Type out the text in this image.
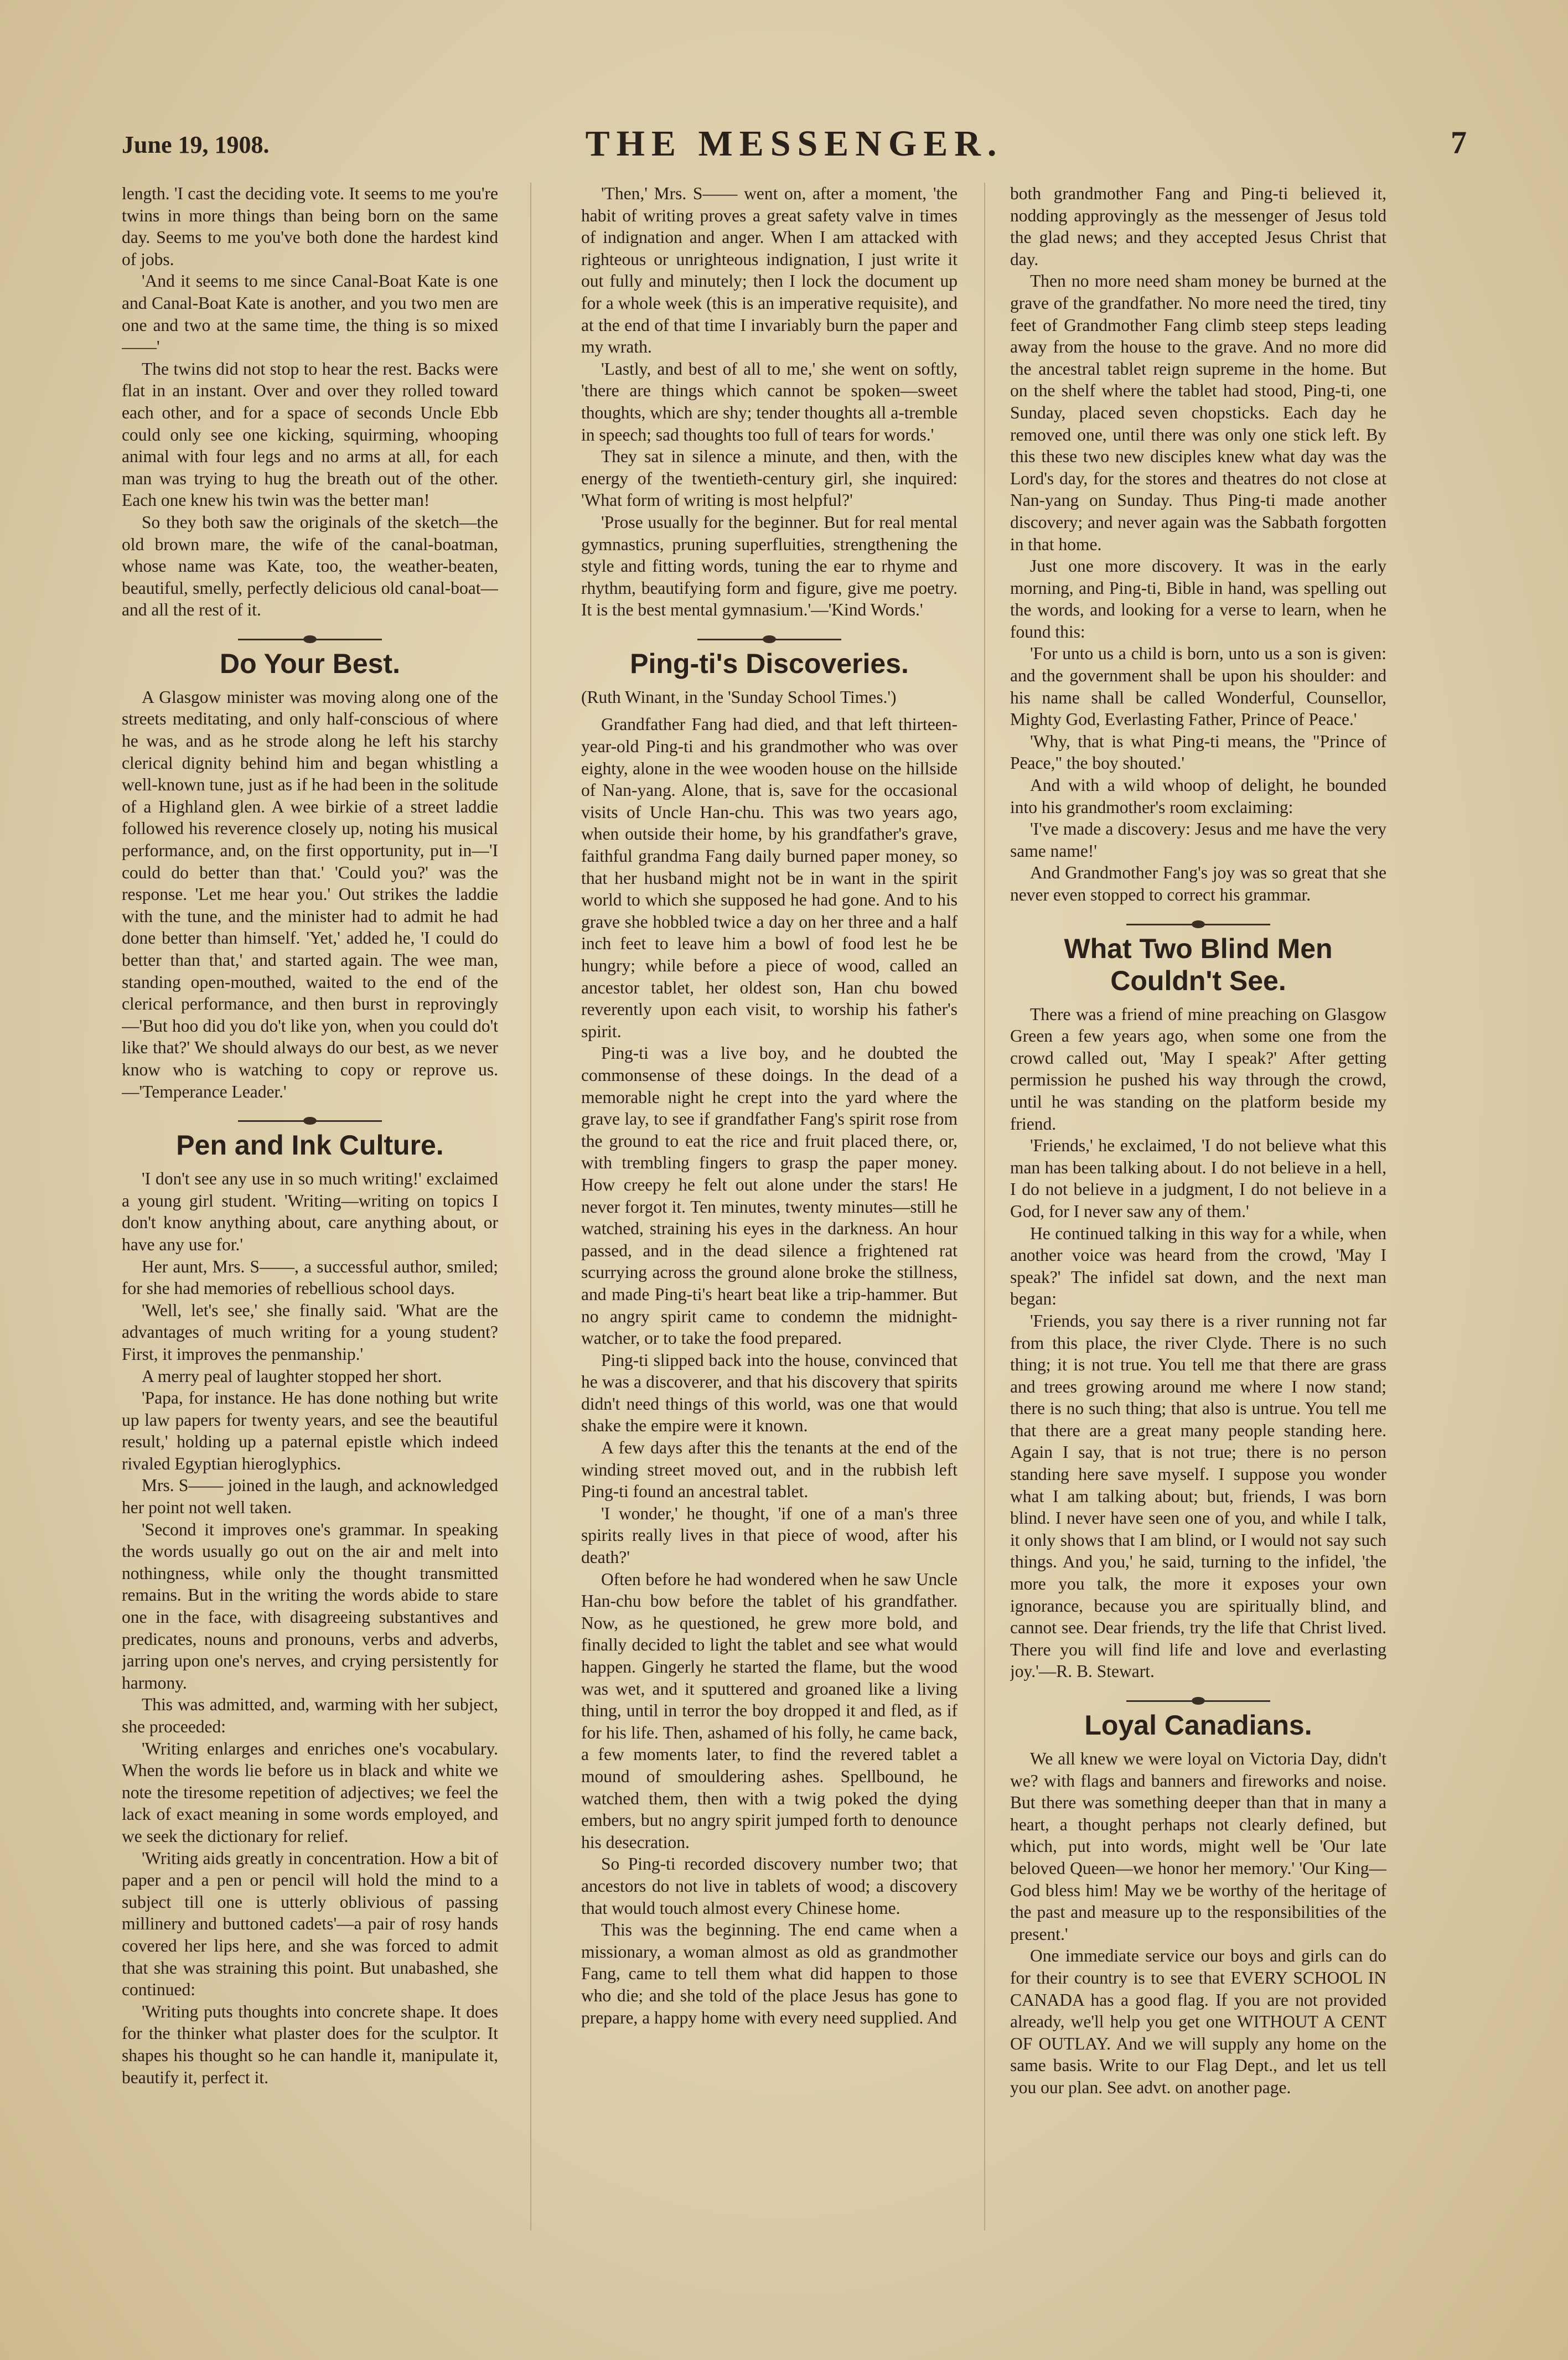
June 19, 1908.	THE MESSENGER.	7

length. 'I cast the deciding vote. It seems to me you're twins in more things than being born on the same day. Seems to me you've both done the hardest kind of jobs.

'And it seems to me since Canal-Boat Kate is one and Canal-Boat Kate is another, and you two men are one and two at the same time, the thing is so mixed——'

The twins did not stop to hear the rest. Backs were flat in an instant. Over and over they rolled toward each other, and for a space of seconds Uncle Ebb could only see one kicking, squirming, whooping animal with four legs and no arms at all, for each man was trying to hug the breath out of the other. Each one knew his twin was the better man!

So they both saw the originals of the sketch—the old brown mare, the wife of the canal-boatman, whose name was Kate, too, the weather-beaten, beautiful, smelly, perfectly delicious old canal-boat—and all the rest of it.

Do Your Best.

A Glasgow minister was moving along one of the streets meditating, and only half-conscious of where he was, and as he strode along he left his starchy clerical dignity behind him and began whistling a well-known tune, just as if he had been in the solitude of a Highland glen. A wee birkie of a street laddie followed his reverence closely up, noting his musical performance, and, on the first opportunity, put in—'I could do better than that.' 'Could you?' was the response. 'Let me hear you.' Out strikes the laddie with the tune, and the minister had to admit he had done better than himself. 'Yet,' added he, 'I could do better than that,' and started again. The wee man, standing open-mouthed, waited to the end of the clerical performance, and then burst in reprovingly—'But hoo did you do't like yon, when you could do't like that?' We should always do our best, as we never know who is watching to copy or reprove us.—'Temperance Leader.'

Pen and Ink Culture.

'I don't see any use in so much writing!' exclaimed a young girl student. 'Writing—writing on topics I don't know anything about, care anything about, or have any use for.'

Her aunt, Mrs. S——, a successful author, smiled; for she had memories of rebellious school days.

'Well, let's see,' she finally said. 'What are the advantages of much writing for a young student? First, it improves the penmanship.'

A merry peal of laughter stopped her short.

'Papa, for instance. He has done nothing but write up law papers for twenty years, and see the beautiful result,' holding up a paternal epistle which indeed rivaled Egyptian hieroglyphics.

Mrs. S—— joined in the laugh, and acknowledged her point not well taken.

'Second it improves one's grammar. In speaking the words usually go out on the air and melt into nothingness, while only the thought transmitted remains. But in the writing the words abide to stare one in the face, with disagreeing substantives and predicates, nouns and pronouns, verbs and adverbs, jarring upon one's nerves, and crying persistently for harmony.

This was admitted, and, warming with her subject, she proceeded:

'Writing enlarges and enriches one's vocabulary. When the words lie before us in black and white we note the tiresome repetition of adjectives; we feel the lack of exact meaning in some words employed, and we seek the dictionary for relief.

'Writing aids greatly in concentration. How a bit of paper and a pen or pencil will hold the mind to a subject till one is utterly oblivious of passing millinery and buttoned cadets'—a pair of rosy hands covered her lips here, and she was forced to admit that she was straining this point. But unabashed, she continued:

'Writing puts thoughts into concrete shape. It does for the thinker what plaster does for the sculptor. It shapes his thought so he can handle it, manipulate it, beautify it, perfect it.

'Then,' Mrs. S—— went on, after a moment, 'the habit of writing proves a great safety valve in times of indignation and anger. When I am attacked with righteous or unrighteous indignation, I just write it out fully and minutely; then I lock the document up for a whole week (this is an imperative requisite), and at the end of that time I invariably burn the paper and my wrath.

'Lastly, and best of all to me,' she went on softly, 'there are things which cannot be spoken—sweet thoughts, which are shy; tender thoughts all a-tremble in speech; sad thoughts too full of tears for words.'

They sat in silence a minute, and then, with the energy of the twentieth-century girl, she inquired: 'What form of writing is most helpful?'

'Prose usually for the beginner. But for real mental gymnastics, pruning superfluities, strengthening the style and fitting words, tuning the ear to rhyme and rhythm, beautifying form and figure, give me poetry. It is the best mental gymnasium.'—'Kind Words.'

Ping-ti's Discoveries.

(Ruth Winant, in the 'Sunday School Times.')

Grandfather Fang had died, and that left thirteen-year-old Ping-ti and his grandmother who was over eighty, alone in the wee wooden house on the hillside of Nan-yang. Alone, that is, save for the occasional visits of Uncle Han-chu. This was two years ago, when outside their home, by his grandfather's grave, faithful grandma Fang daily burned paper money, so that her husband might not be in want in the spirit world to which she supposed he had gone. And to his grave she hobbled twice a day on her three and a half inch feet to leave him a bowl of food lest he be hungry; while before a piece of wood, called an ancestor tablet, her oldest son, Han chu bowed reverently upon each visit, to worship his father's spirit.

Ping-ti was a live boy, and he doubted the commonsense of these doings. In the dead of a memorable night he crept into the yard where the grave lay, to see if grandfather Fang's spirit rose from the ground to eat the rice and fruit placed there, or, with trembling fingers to grasp the paper money. How creepy he felt out alone under the stars! He never forgot it. Ten minutes, twenty minutes—still he watched, straining his eyes in the darkness. An hour passed, and in the dead silence a frightened rat scurrying across the ground alone broke the stillness, and made Ping-ti's heart beat like a trip-hammer. But no angry spirit came to condemn the midnight-watcher, or to take the food prepared.

Ping-ti slipped back into the house, convinced that he was a discoverer, and that his discovery that spirits didn't need things of this world, was one that would shake the empire were it known.

A few days after this the tenants at the end of the winding street moved out, and in the rubbish left Ping-ti found an ancestral tablet.

'I wonder,' he thought, 'if one of a man's three spirits really lives in that piece of wood, after his death?'

Often before he had wondered when he saw Uncle Han-chu bow before the tablet of his grandfather. Now, as he questioned, he grew more bold, and finally decided to light the tablet and see what would happen. Gingerly he started the flame, but the wood was wet, and it sputtered and groaned like a living thing, until in terror the boy dropped it and fled, as if for his life. Then, ashamed of his folly, he came back, a few moments later, to find the revered tablet a mound of smouldering ashes. Spellbound, he watched them, then with a twig poked the dying embers, but no angry spirit jumped forth to denounce his desecration.

So Ping-ti recorded discovery number two; that ancestors do not live in tablets of wood; a discovery that would touch almost every Chinese home.

This was the beginning. The end came when a missionary, a woman almost as old as grandmother Fang, came to tell them what did happen to those who die; and she told of the place Jesus has gone to prepare, a happy home with every need supplied. And

both grandmother Fang and Ping-ti believed it, nodding approvingly as the messenger of Jesus told the glad news; and they accepted Jesus Christ that day.

Then no more need sham money be burned at the grave of the grandfather. No more need the tired, tiny feet of Grandmother Fang climb steep steps leading away from the house to the grave. And no more did the ancestral tablet reign supreme in the home. But on the shelf where the tablet had stood, Ping-ti, one Sunday, placed seven chopsticks. Each day he removed one, until there was only one stick left. By this these two new disciples knew what day was the Lord's day, for the stores and theatres do not close at Nan-yang on Sunday. Thus Ping-ti made another discovery; and never again was the Sabbath forgotten in that home.

Just one more discovery. It was in the early morning, and Ping-ti, Bible in hand, was spelling out the words, and looking for a verse to learn, when he found this:

'For unto us a child is born, unto us a son is given: and the government shall be upon his shoulder: and his name shall be called Wonderful, Counsellor, Mighty God, Everlasting Father, Prince of Peace.'

'Why, that is what Ping-ti means, the "Prince of Peace," the boy shouted.'

And with a wild whoop of delight, he bounded into his grandmother's room exclaiming:

'I've made a discovery: Jesus and me have the very same name!'

And Grandmother Fang's joy was so great that she never even stopped to correct his grammar.

What Two Blind Men Couldn't See.

There was a friend of mine preaching on Glasgow Green a few years ago, when some one from the crowd called out, 'May I speak?' After getting permission he pushed his way through the crowd, until he was standing on the platform beside my friend.

'Friends,' he exclaimed, 'I do not believe what this man has been talking about. I do not believe in a hell, I do not believe in a judgment, I do not believe in a God, for I never saw any of them.'

He continued talking in this way for a while, when another voice was heard from the crowd, 'May I speak?' The infidel sat down, and the next man began:

'Friends, you say there is a river running not far from this place, the river Clyde. There is no such thing; it is not true. You tell me that there are grass and trees growing around me where I now stand; there is no such thing; that also is untrue. You tell me that there are a great many people standing here. Again I say, that is not true; there is no person standing here save myself. I suppose you wonder what I am talking about; but, friends, I was born blind. I never have seen one of you, and while I talk, it only shows that I am blind, or I would not say such things. And you,' he said, turning to the infidel, 'the more you talk, the more it exposes your own ignorance, because you are spiritually blind, and cannot see. Dear friends, try the life that Christ lived. There you will find life and love and everlasting joy.'—R. B. Stewart.

Loyal Canadians.

We all knew we were loyal on Victoria Day, didn't we? with flags and banners and fireworks and noise. But there was something deeper than that in many a heart, a thought perhaps not clearly defined, but which, put into words, might well be 'Our late beloved Queen—we honor her memory.' 'Our King—God bless him! May we be worthy of the heritage of the past and measure up to the responsibilities of the present.'

One immediate service our boys and girls can do for their country is to see that EVERY SCHOOL IN CANADA has a good flag. If you are not provided already, we'll help you get one WITHOUT A CENT OF OUTLAY. And we will supply any home on the same basis. Write to our Flag Dept., and let us tell you our plan. See advt. on another page.
